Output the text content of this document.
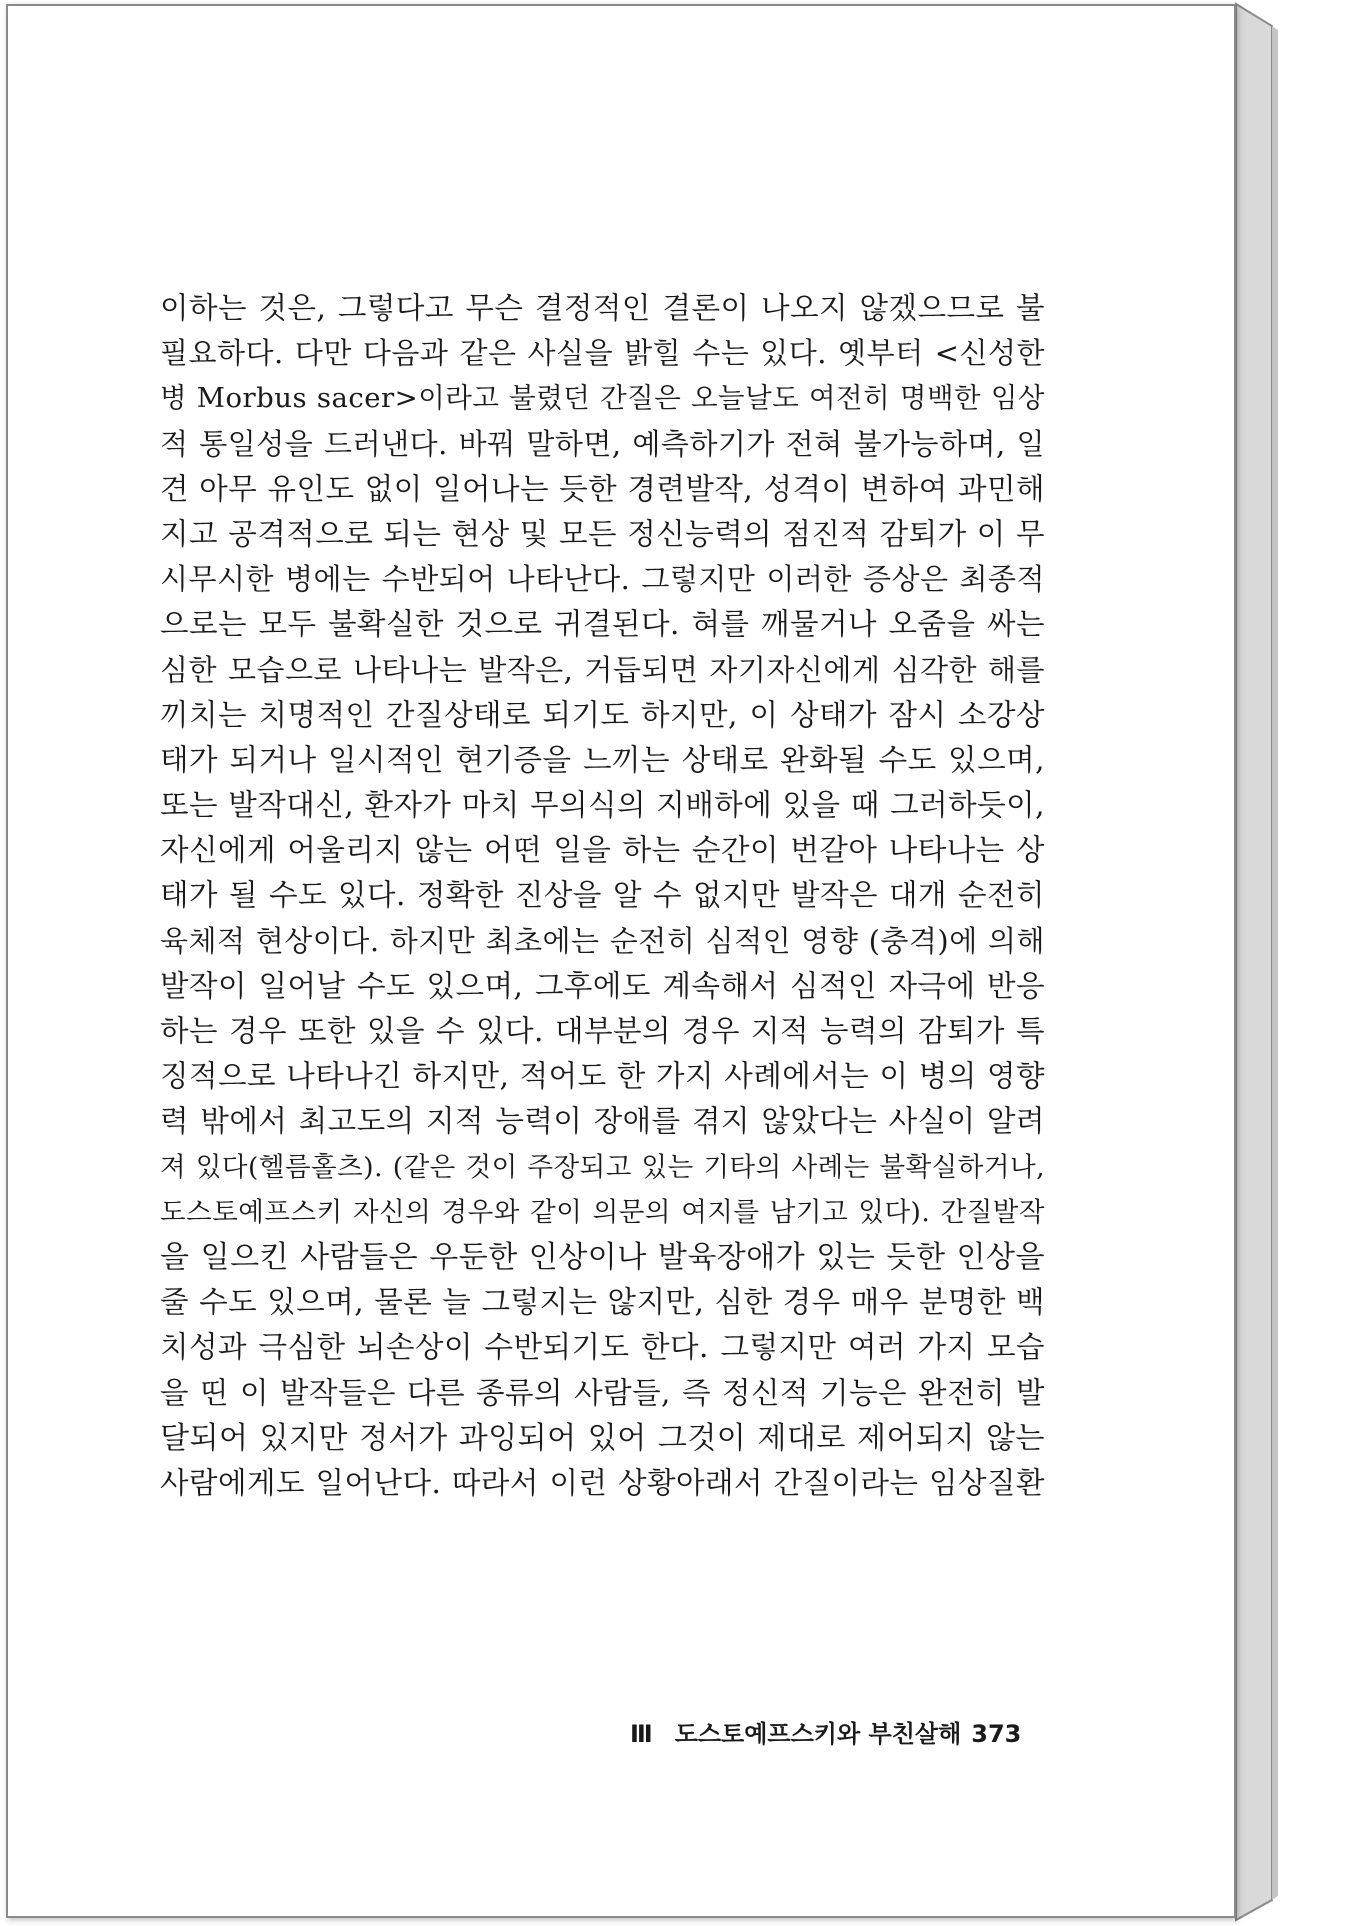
이하는 것은, 그렇다고 무슨 결정적인 결론이 나오지 않겠으므로 불
필요하다. 다만 다음과 같은 사실을 밝힐 수는 있다. 옛부터 <신성한
병 Morbus sacer>이라고 불렸던 간질은 오늘날도 여전히 명백한 임상
적 통일성을 드러낸다. 바꿔 말하면, 예측하기가 전혀 불가능하며, 일
견 아무 유인도 없이 일어나는 듯한 경련발작, 성격이 변하여 과민해
지고 공격적으로 되는 현상 및 모든 정신능력의 점진적 감퇴가 이 무
시무시한 병에는 수반되어 나타난다. 그렇지만 이러한 증상은 최종적
으로는 모두 불확실한 것으로 귀결된다. 혀를 깨물거나 오줌을 싸는
심한 모습으로 나타나는 발작은, 거듭되면 자기자신에게 심각한 해를
끼치는 치명적인 간질상태로 되기도 하지만, 이 상태가 잠시 소강상
태가 되거나 일시적인 현기증을 느끼는 상태로 완화될 수도 있으며,
또는 발작대신, 환자가 마치 무의식의 지배하에 있을 때 그러하듯이,
자신에게 어울리지 않는 어떤 일을 하는 순간이 번갈아 나타나는 상
태가 될 수도 있다. 정확한 진상을 알 수 없지만 발작은 대개 순전히
육체적 현상이다. 하지만 최초에는 순전히 심적인 영향 (충격)에 의해
발작이 일어날 수도 있으며, 그후에도 계속해서 심적인 자극에 반응
하는 경우 또한 있을 수 있다. 대부분의 경우 지적 능력의 감퇴가 특
징적으로 나타나긴 하지만, 적어도 한 가지 사례에서는 이 병의 영향
력 밖에서 최고도의 지적 능력이 장애를 겪지 않았다는 사실이 알려
져 있다(헬름홀츠). (같은 것이 주장되고 있는 기타의 사례는 불확실하거나,
도스토예프스키 자신의 경우와 같이 의문의 여지를 남기고 있다). 간질발작
을 일으킨 사람들은 우둔한 인상이나 발육장애가 있는 듯한 인상을
줄 수도 있으며, 물론 늘 그렇지는 않지만, 심한 경우 매우 분명한 백
치성과 극심한 뇌손상이 수반되기도 한다. 그렇지만 여러 가지 모습
을 띤 이 발작들은 다른 종류의 사람들, 즉 정신적 기능은 완전히 발
달되어 있지만 정서가 과잉되어 있어 그것이 제대로 제어되지 않는
사람에게도 일어난다. 따라서 이런 상황아래서 간질이라는 임상질환
Ⅲ 도스토예프스키와 부친살해 373
